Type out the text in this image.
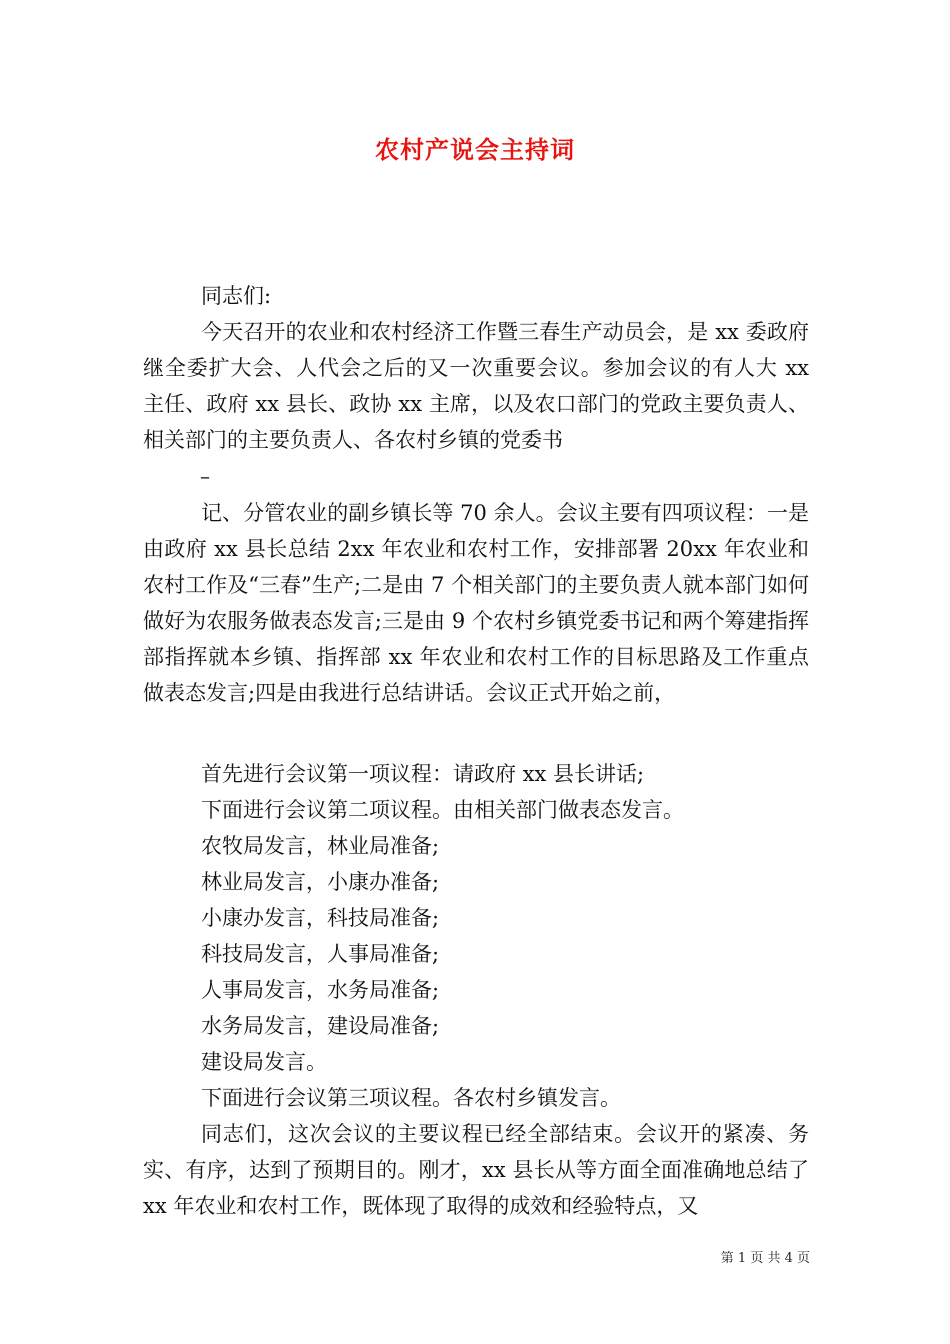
农村产说会主持词

同志们:

今天召开的农业和农村经济工作暨三春生产动员会，是 xx 委政府继全委扩大会、人代会之后的又一次重要会议。参加会议的有人大 xx 主任、政府 xx 县长、政协 xx 主席，以及农口部门的党政主要负责人、相关部门的主要负责人、各农村乡镇的党委书

–

记、分管农业的副乡镇长等 70 余人。会议主要有四项议程：一是由政府 xx 县长总结 2xx 年农业和农村工作，安排部署 20xx 年农业和农村工作及“三春”生产;二是由 7 个相关部门的主要负责人就本部门如何做好为农服务做表态发言;三是由 9 个农村乡镇党委书记和两个筹建指挥部指挥就本乡镇、指挥部 xx 年农业和农村工作的目标思路及工作重点做表态发言;四是由我进行总结讲话。会议正式开始之前，

首先进行会议第一项议程：请政府 xx 县长讲话;

下面进行会议第二项议程。由相关部门做表态发言。

农牧局发言，林业局准备;

林业局发言，小康办准备;

小康办发言，科技局准备;

科技局发言，人事局准备;

人事局发言，水务局准备;

水务局发言，建设局准备;

建设局发言。

下面进行会议第三项议程。各农村乡镇发言。

同志们，这次会议的主要议程已经全部结束。会议开的紧凑、务实、有序，达到了预期目的。刚才，xx 县长从等方面全面准确地总结了 xx 年农业和农村工作，既体现了取得的成效和经验特点，又

第 1 页 共 4 页
